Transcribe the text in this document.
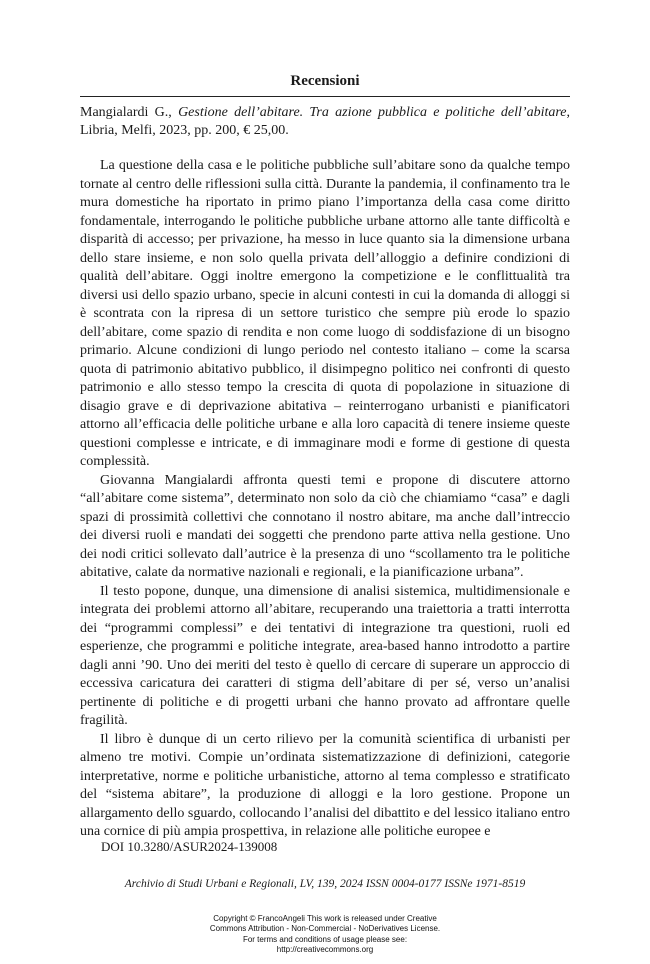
Recensioni
Mangialardi G., Gestione dell’abitare. Tra azione pubblica e politiche dell’abitare, Libria, Melfi, 2023, pp. 200, € 25,00.

La questione della casa e le politiche pubbliche sull’abitare sono da qualche tempo tornate al centro delle riflessioni sulla città. Durante la pandemia, il confinamento tra le mura domestiche ha riportato in primo piano l’importanza della casa come diritto fondamentale, interrogando le politiche pubbliche urbane attorno alle tante difficoltà e disparità di accesso; per privazione, ha messo in luce quanto sia la dimensione urbana dello stare insieme, e non solo quella privata dell’alloggio a definire condizioni di qualità dell’abitare. Oggi inoltre emergono la competizione e le conflittualità tra diversi usi dello spazio urbano, specie in alcuni contesti in cui la domanda di alloggi si è scontrata con la ripresa di un settore turistico che sempre più erode lo spazio dell’abitare, come spazio di rendita e non come luogo di soddisfazione di un bisogno primario. Alcune condizioni di lungo periodo nel contesto italiano – come la scarsa quota di patrimonio abitativo pubblico, il disimpegno politico nei confronti di questo patrimonio e allo stesso tempo la crescita di quota di popolazione in situazione di disagio grave e di deprivazione abitativa – reinterrogano urbanisti e pianificatori attorno all’efficacia delle politiche urbane e alla loro capacità di tenere insieme queste questioni complesse e intricate, e di immaginare modi e forme di gestione di questa complessità.

Giovanna Mangialardi affronta questi temi e propone di discutere attorno “all’abitare come sistema”, determinato non solo da ciò che chiamiamo “casa” e dagli spazi di prossimità collettivi che connotano il nostro abitare, ma anche dall’intreccio dei diversi ruoli e mandati dei soggetti che prendono parte attiva nella gestione. Uno dei nodi critici sollevato dall’autrice è la presenza di uno “scollamento tra le politiche abitative, calate da normative nazionali e regionali, e la pianificazione urbana”.

Il testo popone, dunque, una dimensione di analisi sistemica, multidimensionale e integrata dei problemi attorno all’abitare, recuperando una traiettoria a tratti interrotta dei “programmi complessi” e dei tentativi di integrazione tra questioni, ruoli ed esperienze, che programmi e politiche integrate, area-based hanno introdotto a partire dagli anni ’90. Uno dei meriti del testo è quello di cercare di superare un approccio di eccessiva caricatura dei caratteri di stigma dell’abitare di per sé, verso un’analisi pertinente di politiche e di progetti urbani che hanno provato ad affrontare quelle fragilità.

Il libro è dunque di un certo rilievo per la comunità scientifica di urbanisti per almeno tre motivi. Compie un’ordinata sistematizzazione di definizioni, categorie interpretative, norme e politiche urbanistiche, attorno al tema complesso e stratificato del “sistema abitare”, la produzione di alloggi e la loro gestione. Propone un allargamento dello sguardo, collocando l’analisi del dibattito e del lessico italiano entro una cornice di più ampia prospettiva, in relazione alle politiche europee e

DOI 10.3280/ASUR2024-139008
Archivio di Studi Urbani e Regionali, LV, 139, 2024 ISSN 0004-0177 ISSNe 1971-8519
Copyright © FrancoAngeli This work is released under Creative
Commons Attribution - Non-Commercial - NoDerivatives License.
For terms and conditions of usage please see:
http://creativecommons.org
